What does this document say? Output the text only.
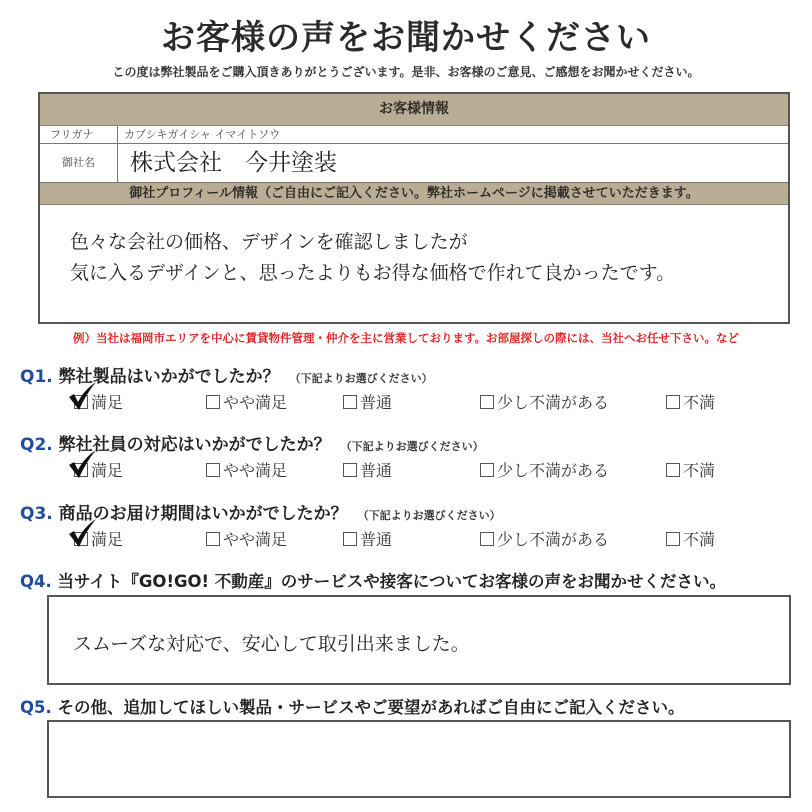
お客様の声をお聞かせください
この度は弊社製品をご購入頂きありがとうございます。是非、お客様のご意見、ご感想をお聞かせください。
お客様情報
フリガナ	カブシキガイシャ イマイトソウ
御社名	株式会社　今井塗装
御社プロフィール情報（ご自由にご記入ください。弊社ホームページに掲載させていただきます。
色々な会社の価格、デザインを確認しましたが
気に入るデザインと、思ったよりもお得な価格で作れて良かったです。
例）当社は福岡市エリアを中心に賃貸物件管理・仲介を主に営業しております。お部屋探しの際には、当社へお任せ下さい。など
Q1. 弊社製品はいかがでしたか？ （下記よりお選びください）
満足	やや満足	普通	少し不満がある	不満
Q2. 弊社社員の対応はいかがでしたか？ （下記よりお選びください）
満足	やや満足	普通	少し不満がある	不満
Q3. 商品のお届け期間はいかがでしたか？ （下記よりお選びください）
満足	やや満足	普通	少し不満がある	不満
Q4. 当サイト『GO!GO! 不動産』のサービスや接客についてお客様の声をお聞かせください。
スムーズな対応で、安心して取引出来ました。
Q5. その他、追加してほしい製品・サービスやご要望があればご自由にご記入ください。
